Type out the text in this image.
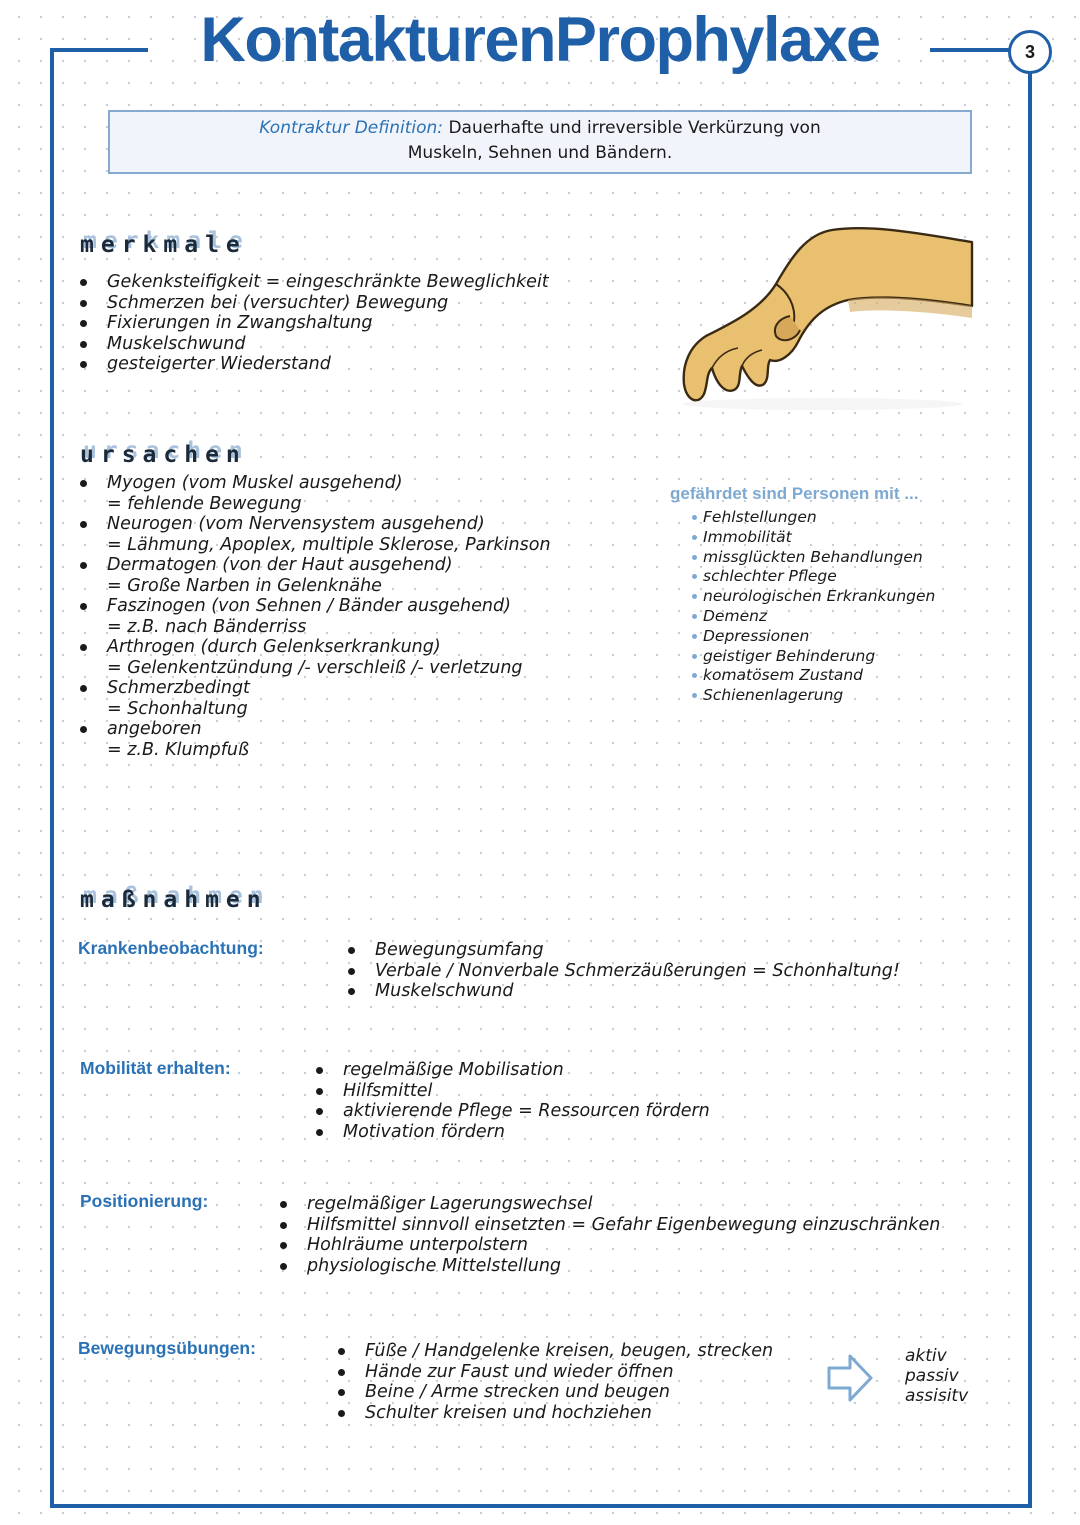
3
KontakturenProphylaxe
Kontraktur Definition: Dauerhafte und irreversible Verkürzung von
Muskeln, Sehnen und Bändern.
merkmale
Gekenksteifigkeit = eingeschränkte Beweglichkeit
Schmerzen bei (versuchter) Bewegung
Fixierungen in Zwangshaltung
Muskelschwund
gesteigerter Wiederstand
ursachen
Myogen (vom Muskel ausgehend)
= fehlende Bewegung
Neurogen (vom Nervensystem ausgehend)
= Lähmung, Apoplex, multiple Sklerose, Parkinson
Dermatogen (von der Haut ausgehend)
= Große Narben in Gelenknähe
Faszinogen (von Sehnen / Bänder ausgehend)
= z.B. nach Bänderriss
Arthrogen (durch Gelenkserkrankung)
= Gelenkentzündung /- verschleiß /- verletzung
Schmerzbedingt
= Schonhaltung
angeboren
= z.B. Klumpfuß
gefährdet sind Personen mit ...
Fehlstellungen
Immobilität
missglückten Behandlungen
schlechter Pflege
neurologischen Erkrankungen
Demenz
Depressionen
geistiger Behinderung
komatösem Zustand
Schienenlagerung
maßnahmen
Krankenbeobachtung:	Bewegungsumfang
Verbale / Nonverbale Schmerzäußerungen = Schonhaltung!
Muskelschwund
Mobilität erhalten:	regelmäßige Mobilisation
Hilfsmittel
aktivierende Pflege = Ressourcen fördern
Motivation fördern
Positionierung:	regelmäßiger Lagerungswechsel
Hilfsmittel sinnvoll einsetzten = Gefahr Eigenbewegung einzuschränken
Hohlräume unterpolstern
physiologische Mittelstellung
Bewegungsübungen:	Füße / Handgelenke kreisen, beugen, strecken
Hände zur Faust und wieder öffnen
Beine / Arme strecken und beugen
Schulter kreisen und hochziehen
aktiv
passiv
assisitv
